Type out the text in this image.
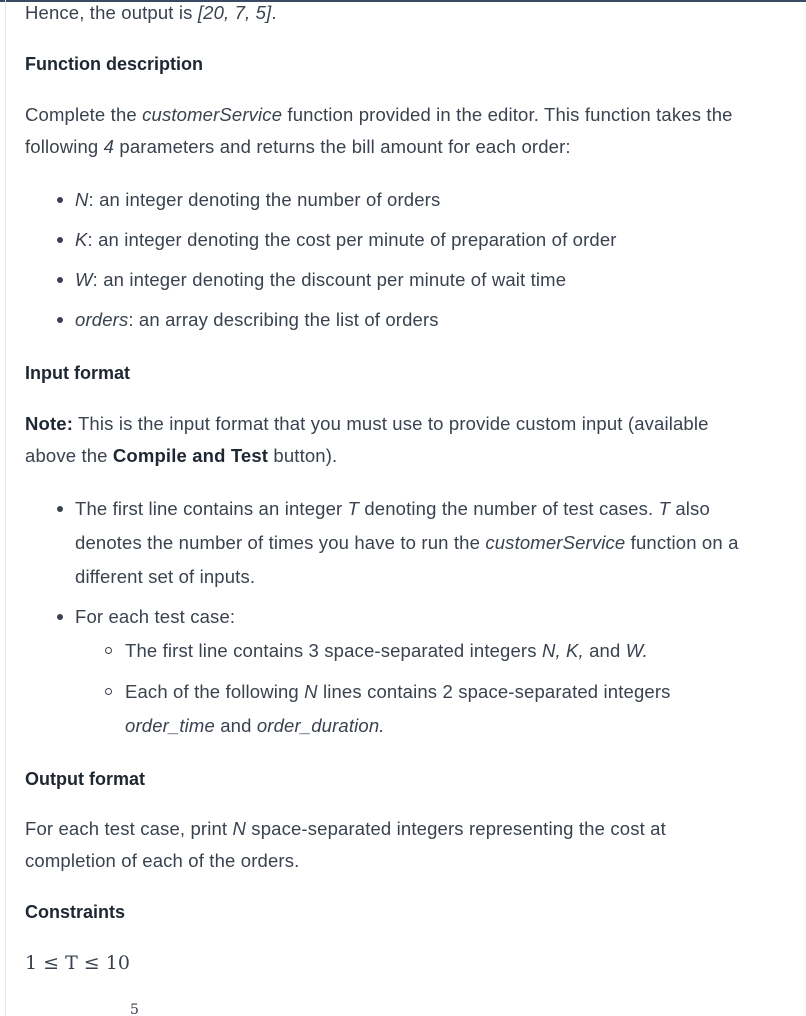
Hence, the output is [20, 7, 5].
Function description
Complete the customerService function provided in the editor. This function takes the
following 4 parameters and returns the bill amount for each order:
N: an integer denoting the number of orders
K: an integer denoting the cost per minute of preparation of order
W: an integer denoting the discount per minute of wait time
orders: an array describing the list of orders
Input format
Note: This is the input format that you must use to provide custom input (available
above the Compile and Test button).
The first line contains an integer T denoting the number of test cases. T also
denotes the number of times you have to run the customerService function on a
different set of inputs.
For each test case:
The first line contains 3 space-separated integers N, K, and W.
Each of the following N lines contains 2 space-separated integers
order_time and order_duration.
Output format
For each test case, print N space-separated integers representing the cost at
completion of each of the orders.
Constraints
1 ≤ T ≤ 10
5
